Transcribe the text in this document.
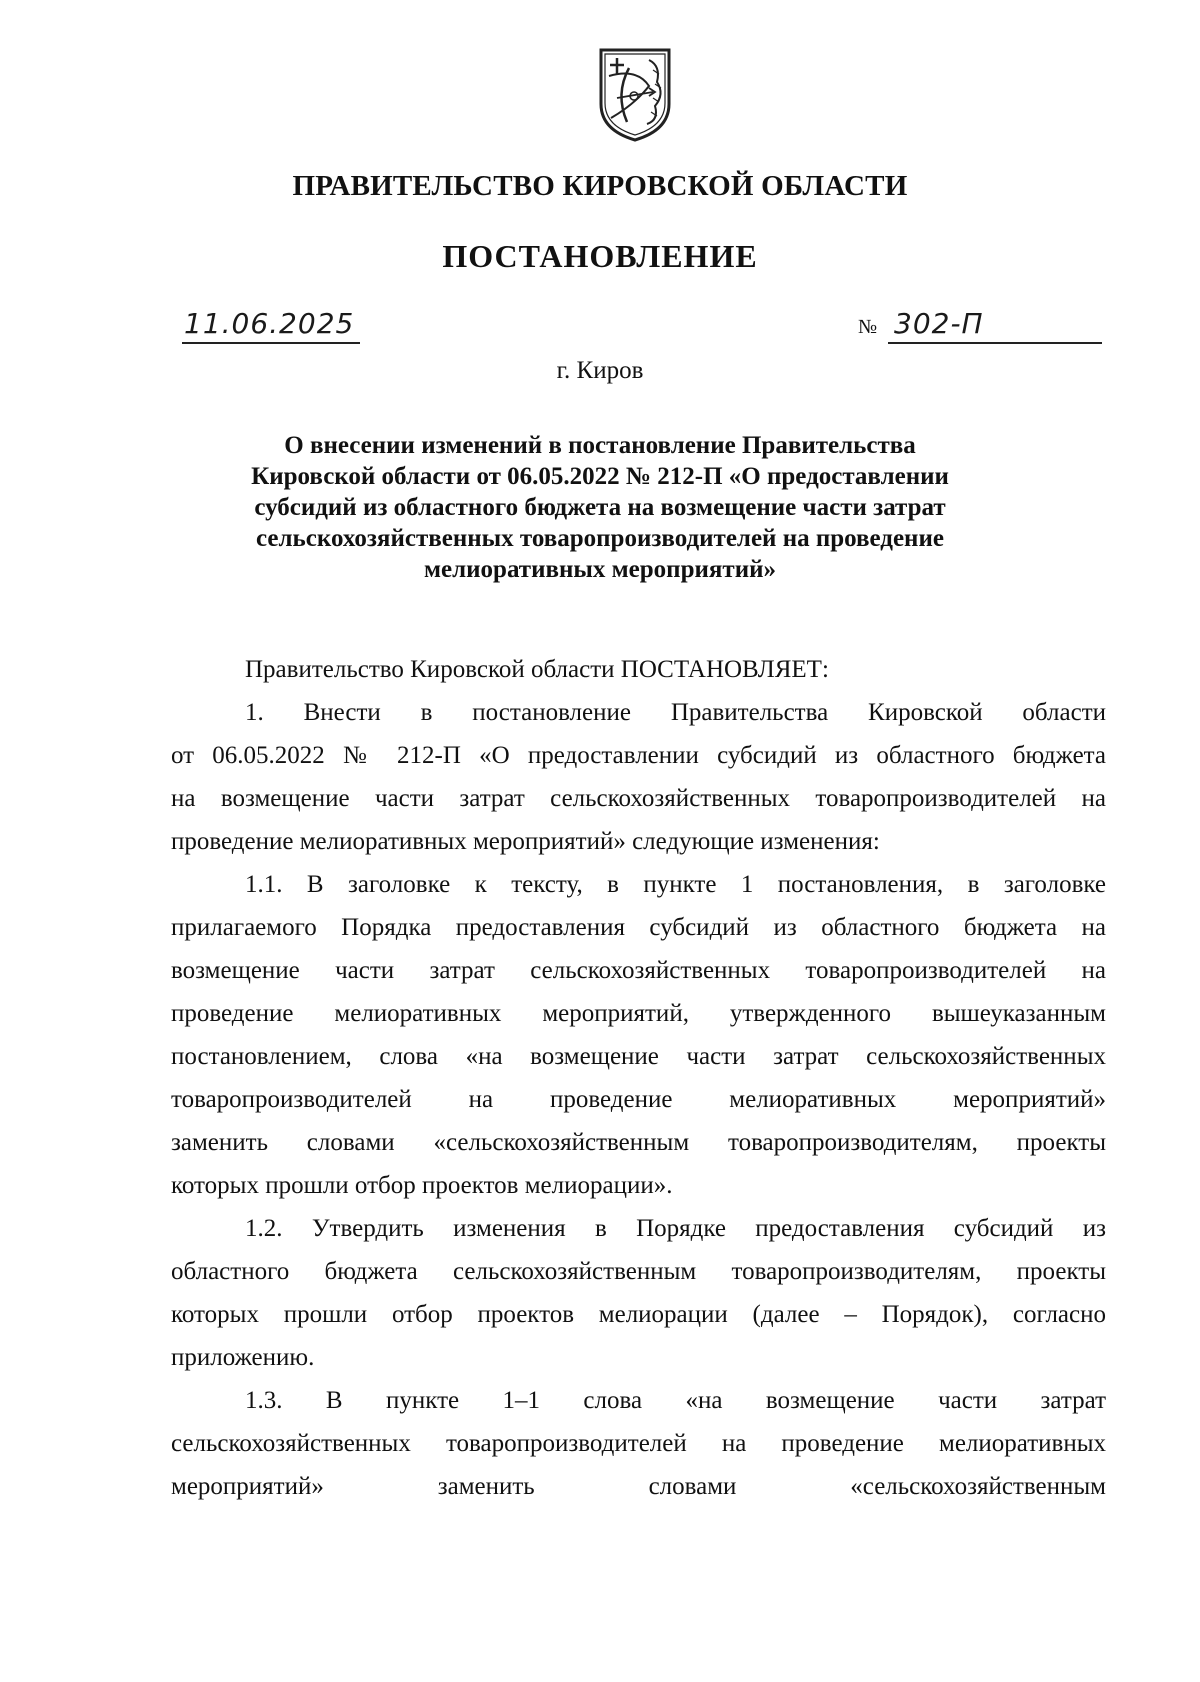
ПРАВИТЕЛЬСТВО КИРОВСКОЙ ОБЛАСТИ
ПОСТАНОВЛЕНИЕ
11.06.2025	№ 302-П
г. Киров
О внесении изменений в постановление Правительства
Кировской области от 06.05.2022 № 212-П «О предоставлении
субсидий из областного бюджета на возмещение части затрат
сельскохозяйственных товаропроизводителей на проведение
мелиоративных мероприятий»
Правительство Кировской области ПОСТАНОВЛЯЕТ:
1. Внести в постановление Правительства Кировской области
от 06.05.2022 № 212-П «О предоставлении субсидий из областного бюджета
на возмещение части затрат сельскохозяйственных товаропроизводителей на
проведение мелиоративных мероприятий» следующие изменения:
1.1. В заголовке к тексту, в пункте 1 постановления, в заголовке
прилагаемого Порядка предоставления субсидий из областного бюджета на
возмещение части затрат сельскохозяйственных товаропроизводителей на
проведение мелиоративных мероприятий, утвержденного вышеуказанным
постановлением, слова «на возмещение части затрат сельскохозяйственных
товаропроизводителей на проведение мелиоративных мероприятий»
заменить словами «сельскохозяйственным товаропроизводителям, проекты
которых прошли отбор проектов мелиорации».
1.2. Утвердить изменения в Порядке предоставления субсидий из
областного бюджета сельскохозяйственным товаропроизводителям, проекты
которых прошли отбор проектов мелиорации (далее – Порядок), согласно
приложению.
1.3. В пункте 1–1 слова «на возмещение части затрат
сельскохозяйственных товаропроизводителей на проведение мелиоративных
мероприятий» заменить словами «сельскохозяйственным
